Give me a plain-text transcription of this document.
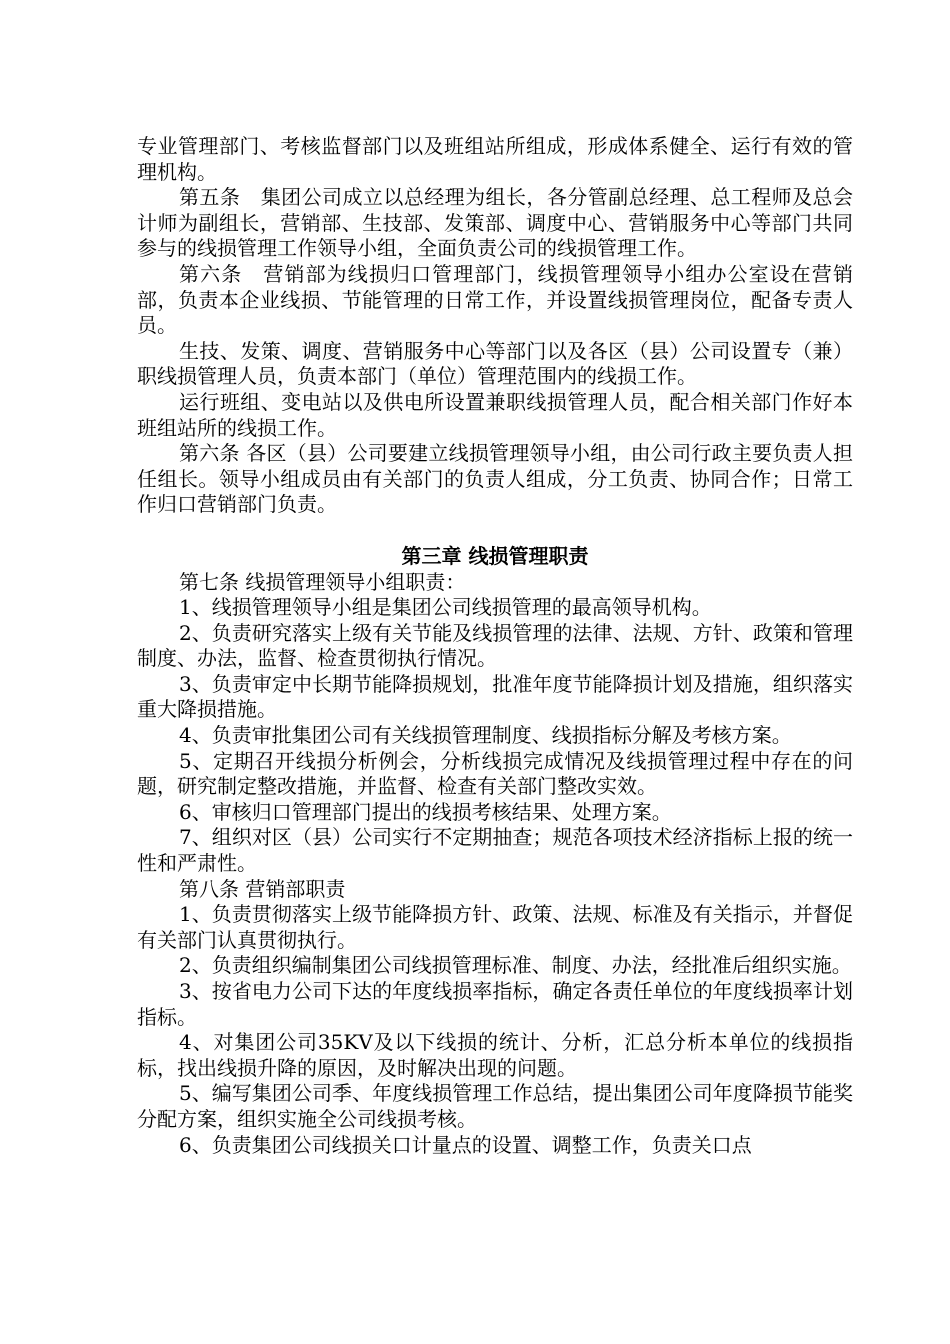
专业管理部门、考核监督部门以及班组站所组成，形成体系健全、运行有效的管理机构。

第五条　集团公司成立以总经理为组长，各分管副总经理、总工程师及总会计师为副组长，营销部、生技部、发策部、调度中心、营销服务中心等部门共同参与的线损管理工作领导小组，全面负责公司的线损管理工作。

第六条　营销部为线损归口管理部门，线损管理领导小组办公室设在营销部，负责本企业线损、节能管理的日常工作，并设置线损管理岗位，配备专责人员。

生技、发策、调度、营销服务中心等部门以及各区（县）公司设置专（兼）职线损管理人员，负责本部门（单位）管理范围内的线损工作。

运行班组、变电站以及供电所设置兼职线损管理人员，配合相关部门作好本班组站所的线损工作。

第六条 各区（县）公司要建立线损管理领导小组，由公司行政主要负责人担任组长。领导小组成员由有关部门的负责人组成，分工负责、协同合作；日常工作归口营销部门负责。

第三章 线损管理职责

第七条 线损管理领导小组职责：

1、线损管理领导小组是集团公司线损管理的最高领导机构。

2、负责研究落实上级有关节能及线损管理的法律、法规、方针、政策和管理制度、办法，监督、检查贯彻执行情况。

3、负责审定中长期节能降损规划，批准年度节能降损计划及措施，组织落实重大降损措施。

4、负责审批集团公司有关线损管理制度、线损指标分解及考核方案。

5、定期召开线损分析例会，分析线损完成情况及线损管理过程中存在的问题，研究制定整改措施，并监督、检查有关部门整改实效。

6、审核归口管理部门提出的线损考核结果、处理方案。

7、组织对区（县）公司实行不定期抽查；规范各项技术经济指标上报的统一性和严肃性。

第八条 营销部职责

1、负责贯彻落实上级节能降损方针、政策、法规、标准及有关指示，并督促有关部门认真贯彻执行。

2、负责组织编制集团公司线损管理标准、制度、办法，经批准后组织实施。

3、按省电力公司下达的年度线损率指标，确定各责任单位的年度线损率计划指标。

4、对集团公司35KV及以下线损的统计、分析，汇总分析本单位的线损指标，找出线损升降的原因，及时解决出现的问题。

5、编写集团公司季、年度线损管理工作总结，提出集团公司年度降损节能奖分配方案，组织实施全公司线损考核。

6、负责集团公司线损关口计量点的设置、调整工作，负责关口点
